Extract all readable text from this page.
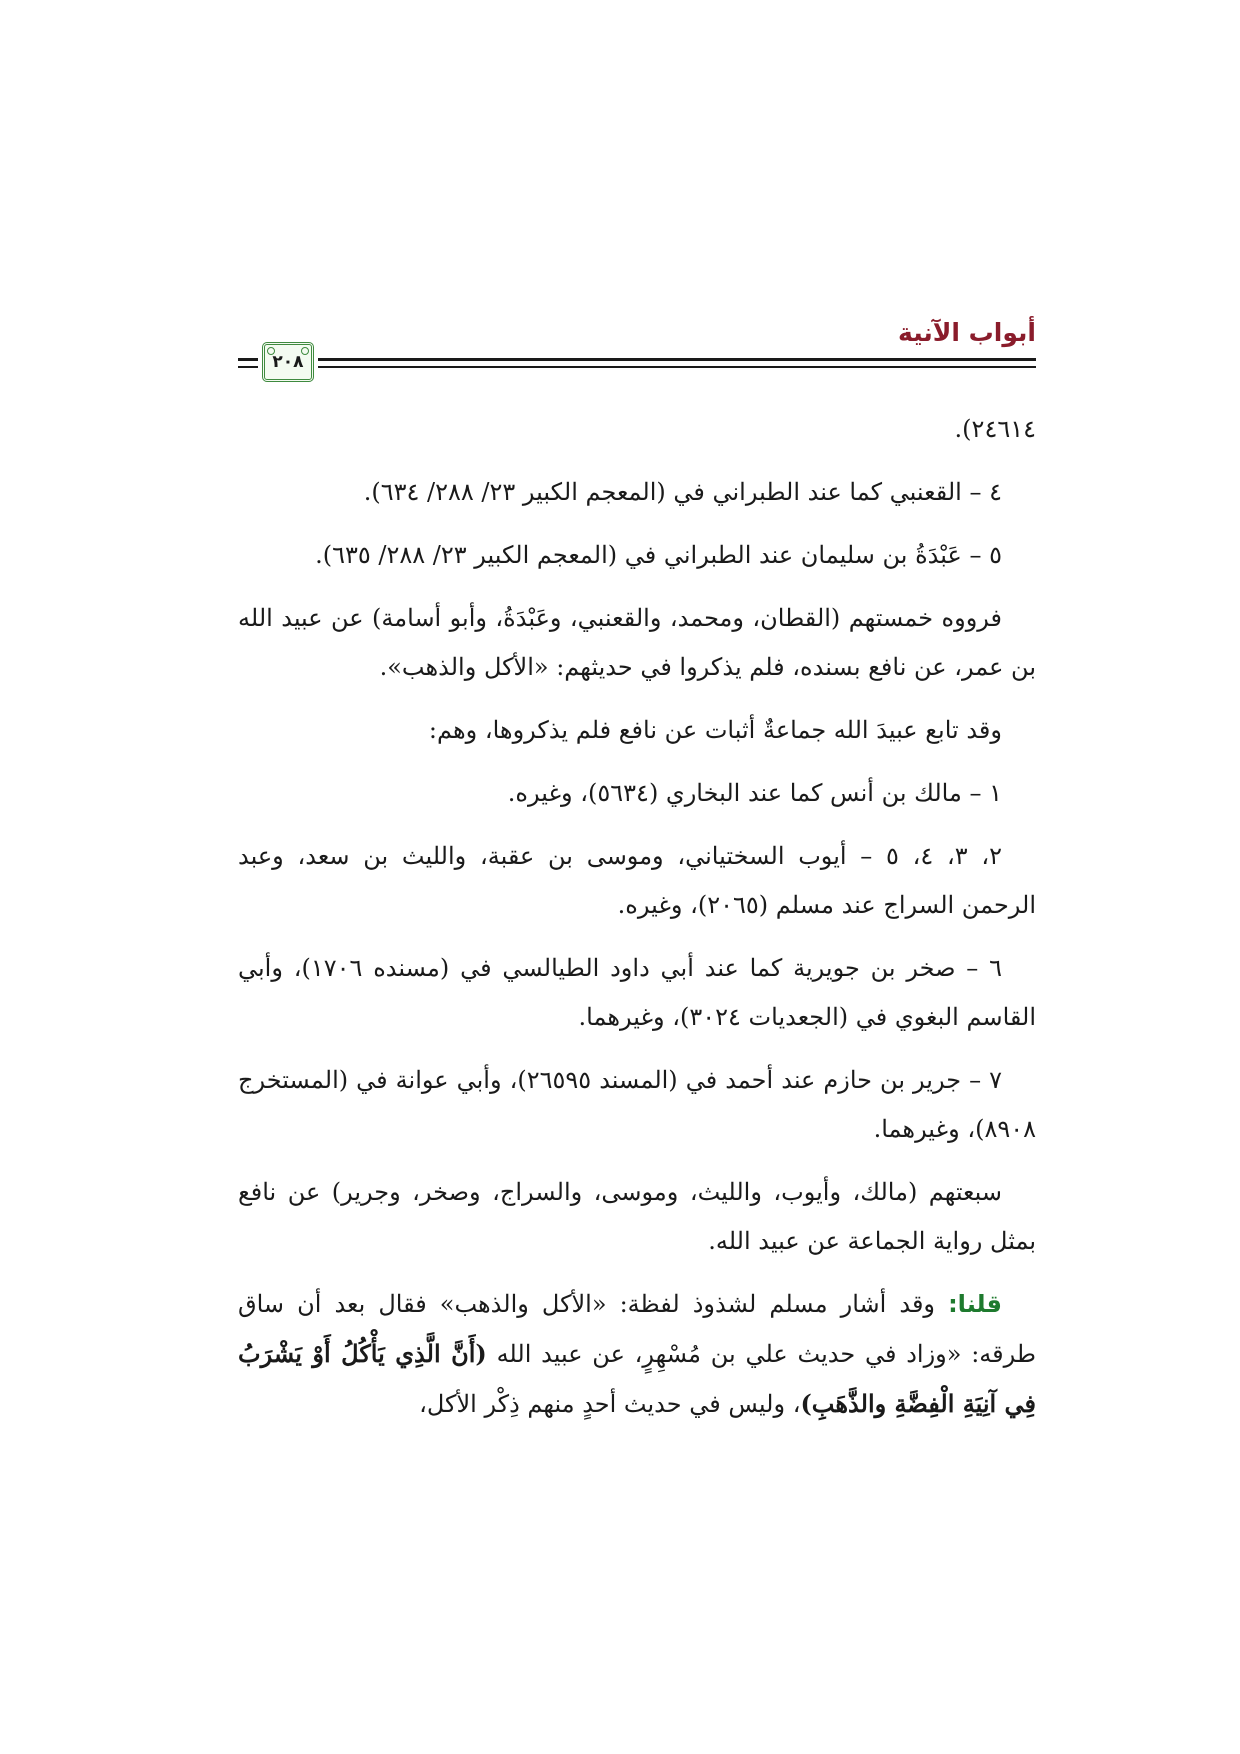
أبواب الآنية
٢٠٨

٢٤٦١٤).

٤ – القعنبي كما عند الطبراني في (المعجم الكبير ٢٣/ ٢٨٨/ ٦٣٤).

٥ – عَبْدَةُ بن سليمان عند الطبراني في (المعجم الكبير ٢٣/ ٢٨٨/ ٦٣٥).

فرووه خمستهم (القطان، ومحمد، والقعنبي، وعَبْدَةُ، وأبو أسامة) عن عبيد الله بن عمر، عن نافع بسنده، فلم يذكروا في حديثهم: «الأكل والذهب».

وقد تابع عبيدَ الله جماعةٌ أثبات عن نافع فلم يذكروها، وهم:

١ – مالك بن أنس كما عند البخاري (٥٦٣٤)، وغيره.

٢، ٣، ٤، ٥ – أيوب السختياني، وموسى بن عقبة، والليث بن سعد، وعبد الرحمن السراج عند مسلم (٢٠٦٥)، وغيره.

٦ – صخر بن جويرية كما عند أبي داود الطيالسي في (مسنده ١٧٠٦)، وأبي القاسم البغوي في (الجعديات ٣٠٢٤)، وغيرهما.

٧ – جرير بن حازم عند أحمد في (المسند ٢٦٥٩٥)، وأبي عوانة في (المستخرج ٨٩٠٨)، وغيرهما.

سبعتهم (مالك، وأيوب، والليث، وموسى، والسراج، وصخر، وجرير) عن نافع بمثل رواية الجماعة عن عبيد الله.

قلنا: وقد أشار مسلم لشذوذ لفظة: «الأكل والذهب» فقال بعد أن ساق طرقه: «وزاد في حديث علي بن مُسْهِرٍ، عن عبيد الله (أَنَّ الَّذِي يَأْكُلُ أَوْ يَشْرَبُ فِي آنِيَةِ الْفِضَّةِ والذَّهَبِ)، وليس في حديث أحدٍ منهم ذِكْر الأكل،
